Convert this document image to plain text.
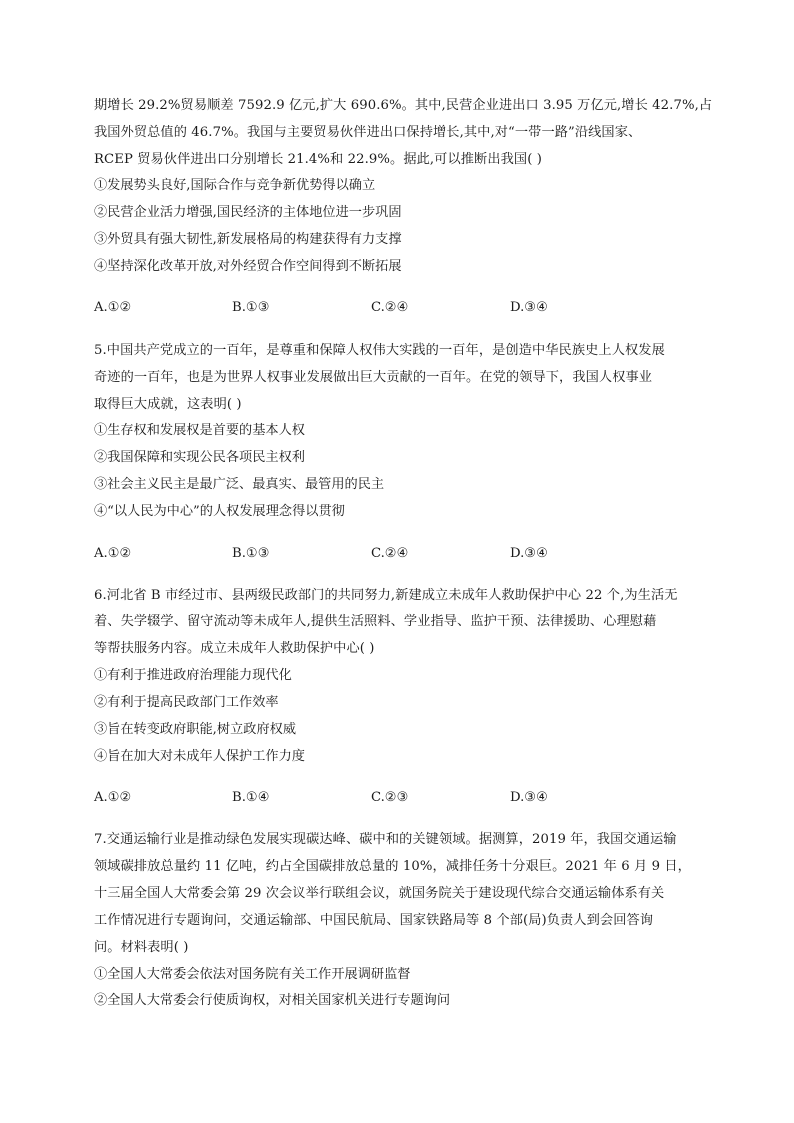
期增长 29.2%贸易顺差 7592.9 亿元,扩大 690.6%。其中,民营企业进出口 3.95 万亿元,增长 42.7%,占
我国外贸总值的 46.7%。我国与主要贸易伙伴进出口保持增长,其中,对“一带一路”沿线国家、
RCEP 贸易伙伴进出口分别增长 21.4%和 22.9%。据此,可以推断出我国( )
①发展势头良好,国际合作与竞争新优势得以确立
②民营企业活力增强,国民经济的主体地位进一步巩固
③外贸具有强大韧性,新发展格局的构建获得有力支撑
④坚持深化改革开放,对外经贸合作空间得到不断拓展
A.①②	B.①③	C.②④	D.③④
5.中国共产党成立的一百年，是尊重和保障人权伟大实践的一百年，是创造中华民族史上人权发展
奇迹的一百年，也是为世界人权事业发展做出巨大贡献的一百年。在党的领导下，我国人权事业
取得巨大成就，这表明( )
①生存权和发展权是首要的基本人权
②我国保障和实现公民各项民主权利
③社会主义民主是最广泛、最真实、最管用的民主
④“以人民为中心”的人权发展理念得以贯彻
A.①②	B.①③	C.②④	D.③④
6.河北省 B 市经过市、县两级民政部门的共同努力,新建成立未成年人救助保护中心 22 个,为生活无
着、失学辍学、留守流动等未成年人,提供生活照料、学业指导、监护干预、法律援助、心理慰藉
等帮扶服务内容。成立未成年人救助保护中心( )
①有利于推进政府治理能力现代化
②有利于提高民政部门工作效率
③旨在转变政府职能,树立政府权威
④旨在加大对未成年人保护工作力度
A.①②	B.①④	C.②③	D.③④
7.交通运输行业是推动绿色发展实现碳达峰、碳中和的关键领域。据测算，2019 年，我国交通运输
领域碳排放总量约 11 亿吨，约占全国碳排放总量的 10%，减排任务十分艰巨。2021 年 6 月 9 日，
十三届全国人大常委会第 29 次会议举行联组会议，就国务院关于建设现代综合交通运输体系有关
工作情况进行专题询问，交通运输部、中国民航局、国家铁路局等 8 个部(局)负责人到会回答询
问。材料表明( )
①全国人大常委会依法对国务院有关工作开展调研监督
②全国人大常委会行使质询权，对相关国家机关进行专题询问
